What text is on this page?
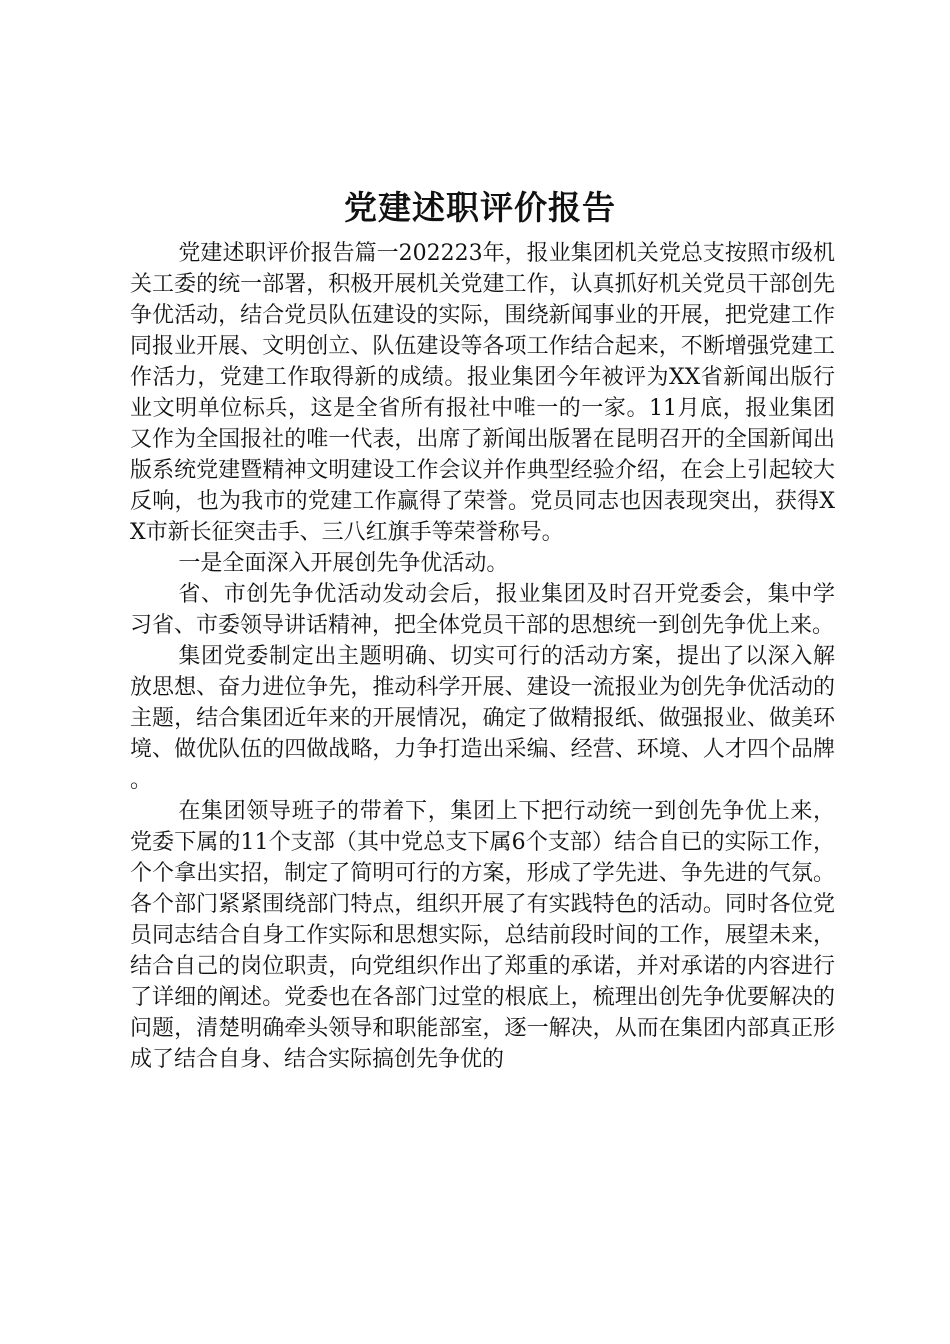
党建述职评价报告

党建述职评价报告篇一202223年，报业集团机关党总支按照市级机关工委的统一部署，积极开展机关党建工作，认真抓好机关党员干部创先争优活动，结合党员队伍建设的实际，围绕新闻事业的开展，把党建工作同报业开展、文明创立、队伍建设等各项工作结合起来，不断增强党建工作活力，党建工作取得新的成绩。报业集团今年被评为XX省新闻出版行业文明单位标兵，这是全省所有报社中唯一的一家。11月底，报业集团又作为全国报社的唯一代表，出席了新闻出版署在昆明召开的全国新闻出版系统党建暨精神文明建设工作会议并作典型经验介绍，在会上引起较大反响，也为我市的党建工作赢得了荣誉。党员同志也因表现突出，获得XX市新长征突击手、三八红旗手等荣誉称号。

一是全面深入开展创先争优活动。

省、市创先争优活动发动会后，报业集团及时召开党委会，集中学习省、市委领导讲话精神，把全体党员干部的思想统一到创先争优上来。

集团党委制定出主题明确、切实可行的活动方案，提出了以深入解放思想、奋力进位争先，推动科学开展、建设一流报业为创先争优活动的主题，结合集团近年来的开展情况，确定了做精报纸、做强报业、做美环境、做优队伍的四做战略，力争打造出采编、经营、环境、人才四个品牌。

在集团领导班子的带着下，集团上下把行动统一到创先争优上来，党委下属的11个支部（其中党总支下属6个支部）结合自已的实际工作，个个拿出实招，制定了简明可行的方案，形成了学先进、争先进的气氛。各个部门紧紧围绕部门特点，组织开展了有实践特色的活动。同时各位党员同志结合自身工作实际和思想实际，总结前段时间的工作，展望未来，结合自己的岗位职责，向党组织作出了郑重的承诺，并对承诺的内容进行了详细的阐述。党委也在各部门过堂的根底上，梳理出创先争优要解决的问题，清楚明确牵头领导和职能部室，逐一解决，从而在集团内部真正形成了结合自身、结合实际搞创先争优的
